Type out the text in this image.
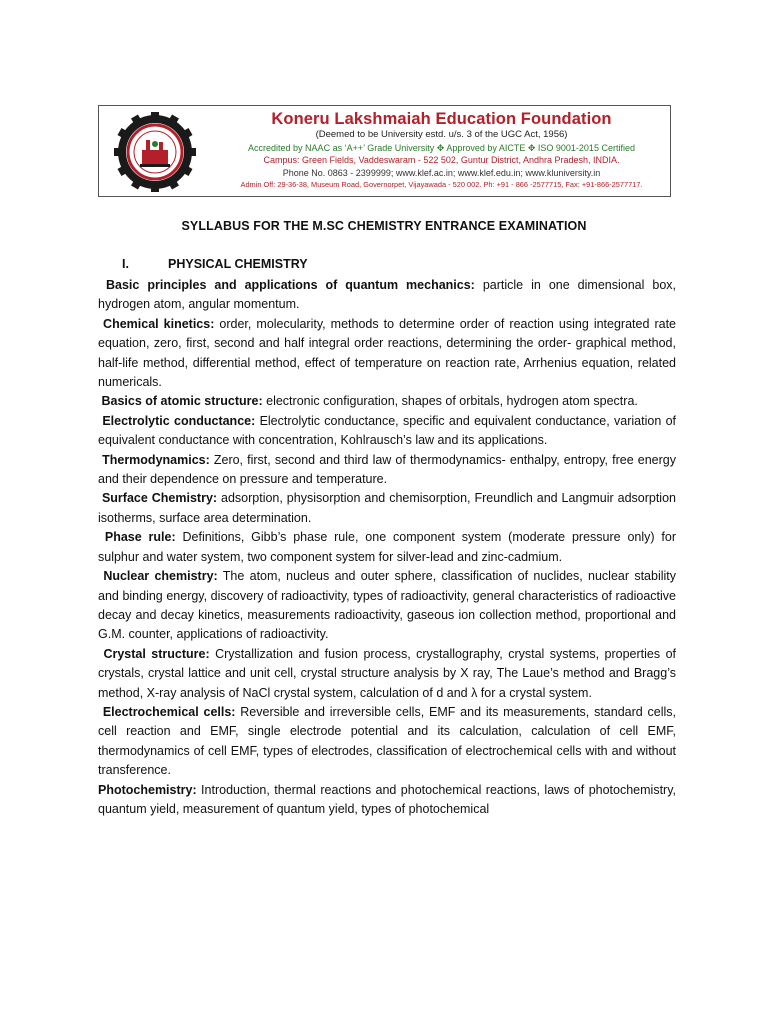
Koneru Lakshmaiah Education Foundation
(Deemed to be University estd. u/s. 3 of the UGC Act, 1956)
Accredited by NAAC as ‘A++’ Grade University ✥ Approved by AICTE ✥ ISO 9001-2015 Certified
Campus: Green Fields, Vaddeswaram - 522 502, Guntur District, Andhra Pradesh, INDIA.
Phone No. 0863 - 2399999; www.klef.ac.in; www.klef.edu.in; www.kluniversity.in
Admin Off: 29-36-38, Museum Road, Governorpet, Vijayawada - 520 002. Ph: +91 - 866 -2577715, Fax: +91-866-2577717.
SYLLABUS FOR THE M.SC CHEMISTRY ENTRANCE EXAMINATION
I.	PHYSICAL CHEMISTRY

Basic principles and applications of quantum mechanics: particle in one dimensional box, hydrogen atom, angular momentum.

Chemical kinetics: order, molecularity, methods to determine order of reaction using integrated rate equation, zero, first, second and half integral order reactions, determining the order- graphical method, half-life method, differential method, effect of temperature on reaction rate, Arrhenius equation, related numericals.

Basics of atomic structure: electronic configuration, shapes of orbitals, hydrogen atom spectra.

Electrolytic conductance: Electrolytic conductance, specific and equivalent conductance, variation of equivalent conductance with concentration, Kohlrausch’s law and its applications.

Thermodynamics: Zero, first, second and third law of thermodynamics- enthalpy, entropy, free energy and their dependence on pressure and temperature.

Surface Chemistry: adsorption, physisorption and chemisorption, Freundlich and Langmuir adsorption isotherms, surface area determination.

Phase rule: Definitions, Gibb’s phase rule, one component system (moderate pressure only) for sulphur and water system, two component system for silver-lead and zinc-cadmium.

Nuclear chemistry: The atom, nucleus and outer sphere, classification of nuclides, nuclear stability and binding energy, discovery of radioactivity, types of radioactivity, general characteristics of radioactive decay and decay kinetics, measurements radioactivity, gaseous ion collection method, proportional and G.M. counter, applications of radioactivity.

Crystal structure: Crystallization and fusion process, crystallography, crystal systems, properties of crystals, crystal lattice and unit cell, crystal structure analysis by X ray, The Laue’s method and Bragg’s method, X-ray analysis of NaCl crystal system, calculation of d and λ for a crystal system.

Electrochemical cells: Reversible and irreversible cells, EMF and its measurements, standard cells, cell reaction and EMF, single electrode potential and its calculation, calculation of cell EMF, thermodynamics of cell EMF, types of electrodes, classification of electrochemical cells with and without transference.

Photochemistry: Introduction, thermal reactions and photochemical reactions, laws of photochemistry, quantum yield, measurement of quantum yield, types of photochemical
